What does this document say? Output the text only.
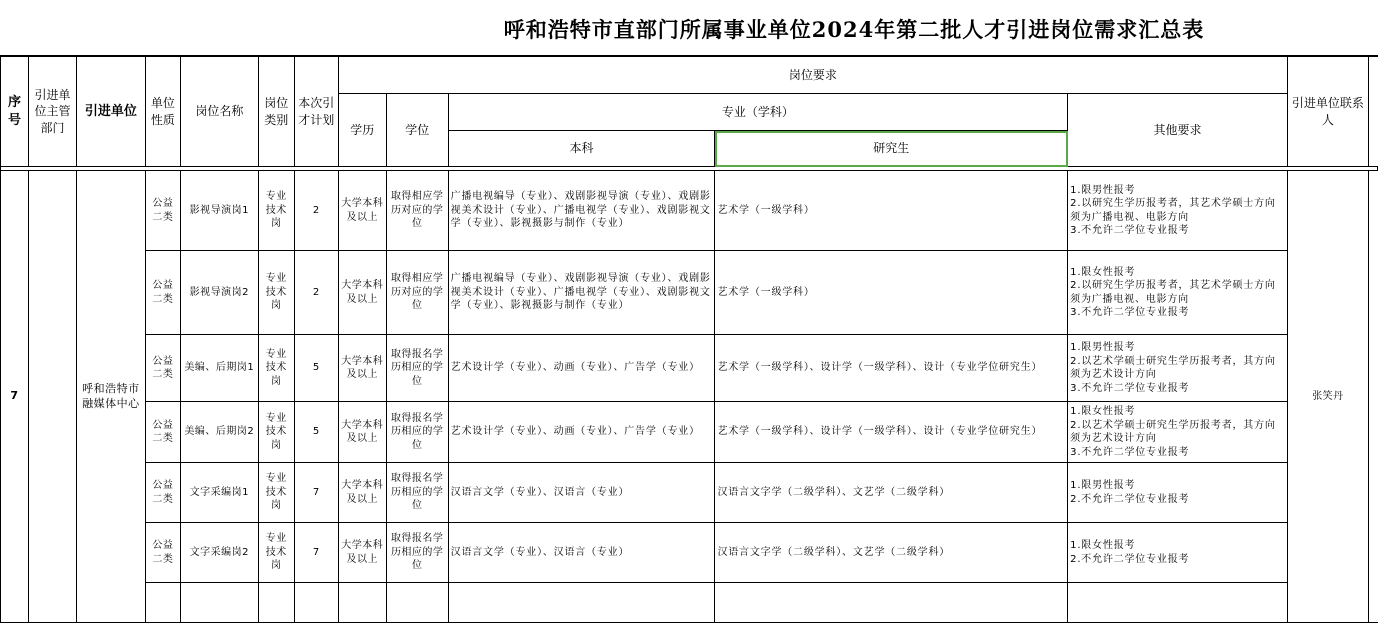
呼和浩特市直部门所属事业单位2024年第二批人才引进岗位需求汇总表
序号	引进单位主管部门	引进单位	单位性质	岗位名称	岗位类别	本次引才计划	岗位要求					引进单位联系人	
							学历	学位	专业（学科）		其他要求		
									本科	研究生			

7		呼和浩特市融媒体中心	公益二类	影视导演岗1	专业技术岗	2	大学本科及以上	取得相应学历对应的学位	广播电视编导（专业）、戏剧影视导演（专业）、戏剧影视美术设计（专业）、广播电视学（专业）、戏剧影视文学（专业）、影视摄影与制作（专业）	艺术学（一级学科）	1.限男性报考
2.以研究生学历报考者，其艺术学硕士方向须为广播电视、电影方向
3.不允许二学位专业报考	张笑丹	
			公益二类	影视导演岗2	专业技术岗	2	大学本科及以上	取得相应学历对应的学位	广播电视编导（专业）、戏剧影视导演（专业）、戏剧影视美术设计（专业）、广播电视学（专业）、戏剧影视文学（专业）、影视摄影与制作（专业）	艺术学（一级学科）	1.限女性报考
2.以研究生学历报考者，其艺术学硕士方向须为广播电视、电影方向
3.不允许二学位专业报考		

			公益二类	美编、后期岗1	专业技术岗	5	大学本科及以上	取得报名学历相应的学位	艺术设计学（专业）、动画（专业）、广告学（专业）	艺术学（一级学科）、设计学（一级学科）、设计（专业学位研究生）	1.限男性报考
2.以艺术学硕士研究生学历报考者，其方向须为艺术设计方向
3.不允许二学位专业报考		

			公益二类	美编、后期岗2	专业技术岗	5	大学本科及以上	取得报名学历相应的学位	艺术设计学（专业）、动画（专业）、广告学（专业）	艺术学（一级学科）、设计学（一级学科）、设计（专业学位研究生）	1.限女性报考
2.以艺术学硕士研究生学历报考者，其方向须为艺术设计方向
3.不允许二学位专业报考		

			公益二类	文字采编岗1	专业技术岗	7	大学本科及以上	取得报名学历相应的学位	汉语言文学（专业）、汉语言（专业）	汉语言文字学（二级学科）、文艺学（二级学科）	1.限男性报考
2.不允许二学位专业报考		

			公益二类	文字采编岗2	专业技术岗	7	大学本科及以上	取得报名学历相应的学位	汉语言文学（专业）、汉语言（专业）	汉语言文字学（二级学科）、文艺学（二级学科）	1.限女性报考
2.不允许二学位专业报考		
